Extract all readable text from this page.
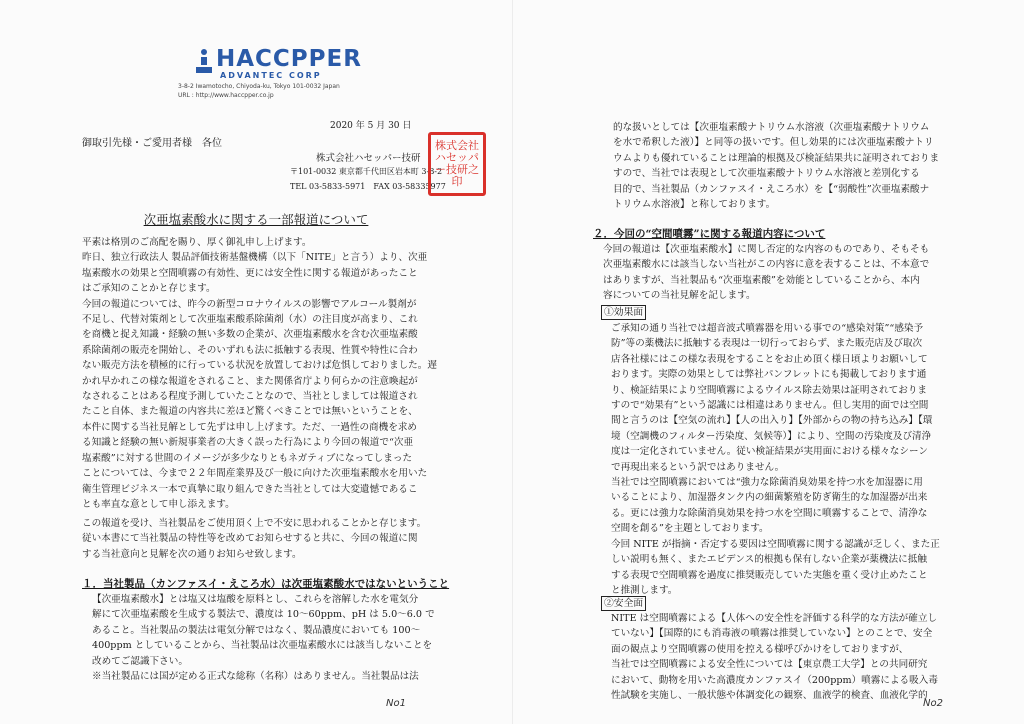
HACCPPER
ADVANTEC CORP
3-8-2 Iwamotocho, Chiyoda-ku, Tokyo 101-0032 Japan
URL : http://www.haccpper.co.jp
2020 年 5 月 30 日
御取引先様・ご愛用者様　各位
株式会社ハセッパー技研
〒101-0032 東京都千代田区岩本町 3-8-2
TEL 03-5833-5971　FAX 03-58335977
株式会社ハセッパー技研之印
次亜塩素酸水に関する一部報道について
平素は格別のご高配を賜り、厚く御礼申し上げます。
昨日、独立行政法人 製品評価技術基盤機構（以下「NITE」と言う）より、次亜
塩素酸水の効果と空間噴霧の有効性、更には安全性に関する報道があったこと
はご承知のことかと存じます。
今回の報道については、昨今の新型コロナウイルスの影響でアルコール製剤が
不足し、代替対策剤として次亜塩素酸系除菌剤（水）の注目度が高まり、これ
を商機と捉え知識・経験の無い多数の企業が、次亜塩素酸水を含む次亜塩素酸
系除菌剤の販売を開始し、そのいずれも法に抵触する表現、性質や特性に合わ
ない販売方法を積極的に行っている状況を放置しておけば危惧しておりました。遅
かれ早かれこの様な報道をされること、また関係省庁より何らかの注意喚起が
なされることはある程度予測していたことなので、当社としましては報道され
たこと自体、また報道の内容共に差ほど驚くべきことでは無いということを、
本件に関する当社見解として先ずは申し上げます。ただ、一過性の商機を求め
る知識と経験の無い新規事業者の大きく誤った行為により今回の報道で“次亜
塩素酸”に対する世間のイメージが多少なりともネガティブになってしまった
ことについては、今まで２２年間産業界及び一般に向けた次亜塩素酸水を用いた
衛生管理ビジネス一本で真摯に取り組んできた当社としては大変遺憾であるこ
とも率直な意として申し添えます。
この報道を受け、当社製品をご使用頂く上で不安に思われることかと存じます。
従い本書にて当社製品の特性等を改めてお知らせすると共に、今回の報道に関
する当社意向と見解を次の通りお知らせ致します。
１．当社製品（カンファスイ・えころ水）は次亜塩素酸水ではないということ
【次亜塩素酸水】とは塩又は塩酸を原料とし、これらを溶解した水を電気分
解にて次亜塩素酸を生成する製法で、濃度は 10〜60ppm、pH は 5.0〜6.0 で
あること。当社製品の製法は電気分解ではなく、製品濃度においても 100〜
400ppm としていることから、当社製品は次亜塩素酸水には該当しないことを
改めてご認識下さい。
※当社製品には国が定める正式な総称（名称）はありません。当社製品は法
No1
的な扱いとしては【次亜塩素酸ナトリウム水溶液（次亜塩素酸ナトリウム
を水で希釈した液）】と同等の扱いです。但し効果的には次亜塩素酸ナトリ
ウムよりも優れていることは理論的根拠及び検証結果共に証明されておりま
すので、当社では表現として次亜塩素酸ナトリウム水溶液と差別化する
目的で、当社製品（カンファスイ・えころ水）を【“弱酸性”次亜塩素酸ナ
トリウム水溶液】と称しております。
２．今回の“空間噴霧”に関する報道内容について
今回の報道は【次亜塩素酸水】に関し否定的な内容のものであり、そもそも
次亜塩素酸水には該当しない当社がこの内容に意を表することは、不本意で
はありますが、当社製品も“次亜塩素酸”を効能としていることから、本内
容についての当社見解を記します。
①効果面
ご承知の通り当社では超音波式噴霧器を用いる事での“感染対策”“感染予
防”等の薬機法に抵触する表現は一切行っておらず、また販売店及び取次
店各社様にはこの様な表現をすることをお止め頂く様日頃よりお願いして
おります。実際の効果としては弊社パンフレットにも掲載しております通
り、検証結果により空間噴霧によるウイルス除去効果は証明されておりま
すので“効果有”という認識には相違はありません。但し実用的面では空間
間と言うのは【空気の流れ】【人の出入り】【外部からの物の持ち込み】【環
境（空調機のフィルター汚染度、気候等）】により、空間の汚染度及び清浄
度は一定化されていません。従い検証結果が実用面における様々なシーン
で再現出来るという訳ではありません。
当社では空間噴霧においては“強力な除菌消臭効果を持つ水を加湿器に用
いることにより、加湿器タンク内の細菌繁殖を防ぎ衛生的な加湿器が出来
る。更には強力な除菌消臭効果を持つ水を空間に噴霧することで、清浄な
空間を創る”を主題としております。
今回 NITE が指摘・否定する要因は空間噴霧に関する認識が乏しく、また正
しい説明も無く、またエビデンス的根拠も保有しない企業が薬機法に抵触
する表現で空間噴霧を過度に推奨販売していた実態を重く受け止めたこと
と推測します。
②安全面
NITE は空間噴霧による【人体への安全性を評価する科学的な方法が確立し
ていない】【国際的にも消毒液の噴霧は推奨していない】とのことで、安全
面の観点より空間噴霧の使用を控える様呼びかけをしておりますが、
当社では空間噴霧による安全性については【東京農工大学】との共同研究
において、動物を用いた高濃度カンファスイ（200ppm）噴霧による吸入毒
性試験を実施し、一般状態や体調変化の観察、血液学的検査、血液化学的
No2
